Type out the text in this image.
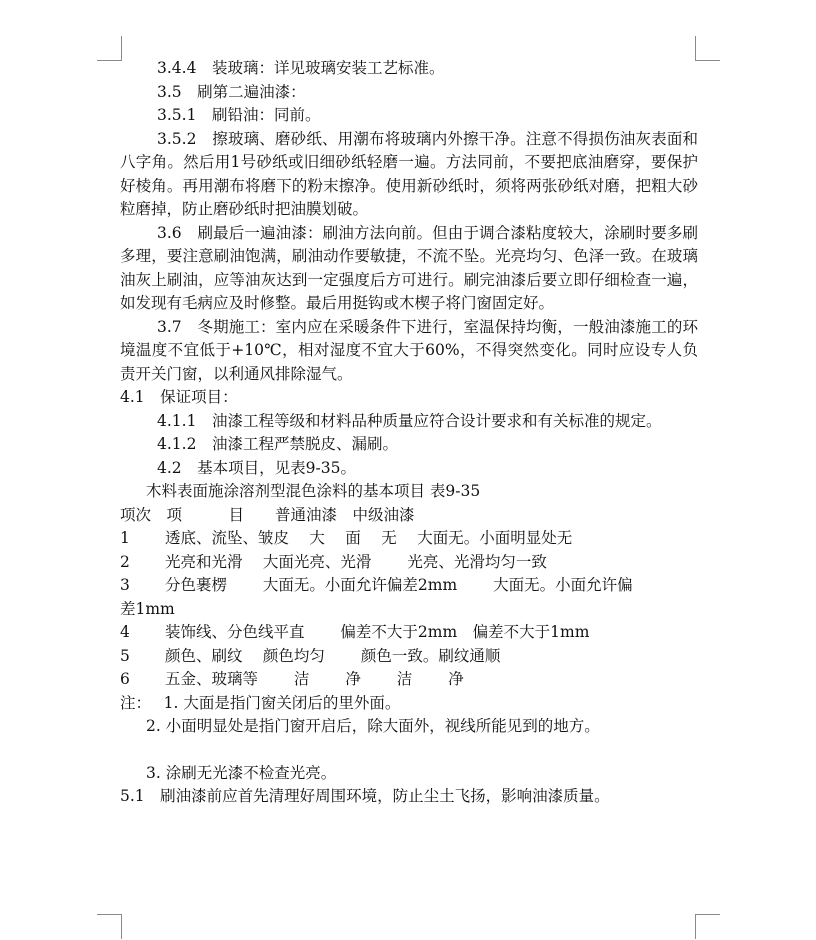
3.4.4　装玻璃：详见玻璃安装工艺标准。

3.5　刷第二遍油漆：

3.5.1　刷铅油：同前。

3.5.2　擦玻璃、磨砂纸、用潮布将玻璃内外擦干净。注意不得损伤油灰表面和八字角。然后用1号砂纸或旧细砂纸轻磨一遍。方法同前，不要把底油磨穿，要保护好棱角。再用潮布将磨下的粉末擦净。使用新砂纸时，须将两张砂纸对磨，把粗大砂粒磨掉，防止磨砂纸时把油膜划破。

3.6　刷最后一遍油漆：刷油方法向前。但由于调合漆粘度较大，涂刷时要多刷多理，要注意刷油饱满，刷油动作要敏捷，不流不坠。光亮均匀、色泽一致。在玻璃油灰上刷油，应等油灰达到一定强度后方可进行。刷完油漆后要立即仔细检查一遍，如发现有毛病应及时修整。最后用挺钩或木楔子将门窗固定好。

3.7　冬期施工：室内应在采暖条件下进行，室温保持均衡，一般油漆施工的环境温度不宜低于+10℃，相对湿度不宜大于60%，不得突然变化。同时应设专人负责开关门窗，以利通风排除湿气。

4.1　保证项目：

4.1.1　油漆工程等级和材料品种质量应符合设计要求和有关标准的规定。

4.1.2　油漆工程严禁脱皮、漏刷。

4.2　基本项目，见表9-35。

木料表面施涂溶剂型混色涂料的基本项目 表9-35

项次　项　　　目　　普通油漆　中级油漆

1 透底、流坠、皱皮　 大　 面　 无　 大面无。小面明显处无
2 光亮和光滑　 大面光亮、光滑　　 光亮、光滑均匀一致
3 分色裹楞　　 大面无。小面允许偏差2mm　　 大面无。小面允许偏
差1mm
4 装饰线、分色线平直　　 偏差不大于2mm　偏差不大于1mm
5 颜色、刷纹　 颜色均匀　　 颜色一致。刷纹通顺
6 五金、玻璃等　　 洁　　 净　　 洁　　 净

注：　 1. 大面是指门窗关闭后的里外面。

2. 小面明显处是指门窗开启后，除大面外，视线所能见到的地方。

3. 涂刷无光漆不检查光亮。

5.1　刷油漆前应首先清理好周围环境，防止尘土飞扬，影响油漆质量。
